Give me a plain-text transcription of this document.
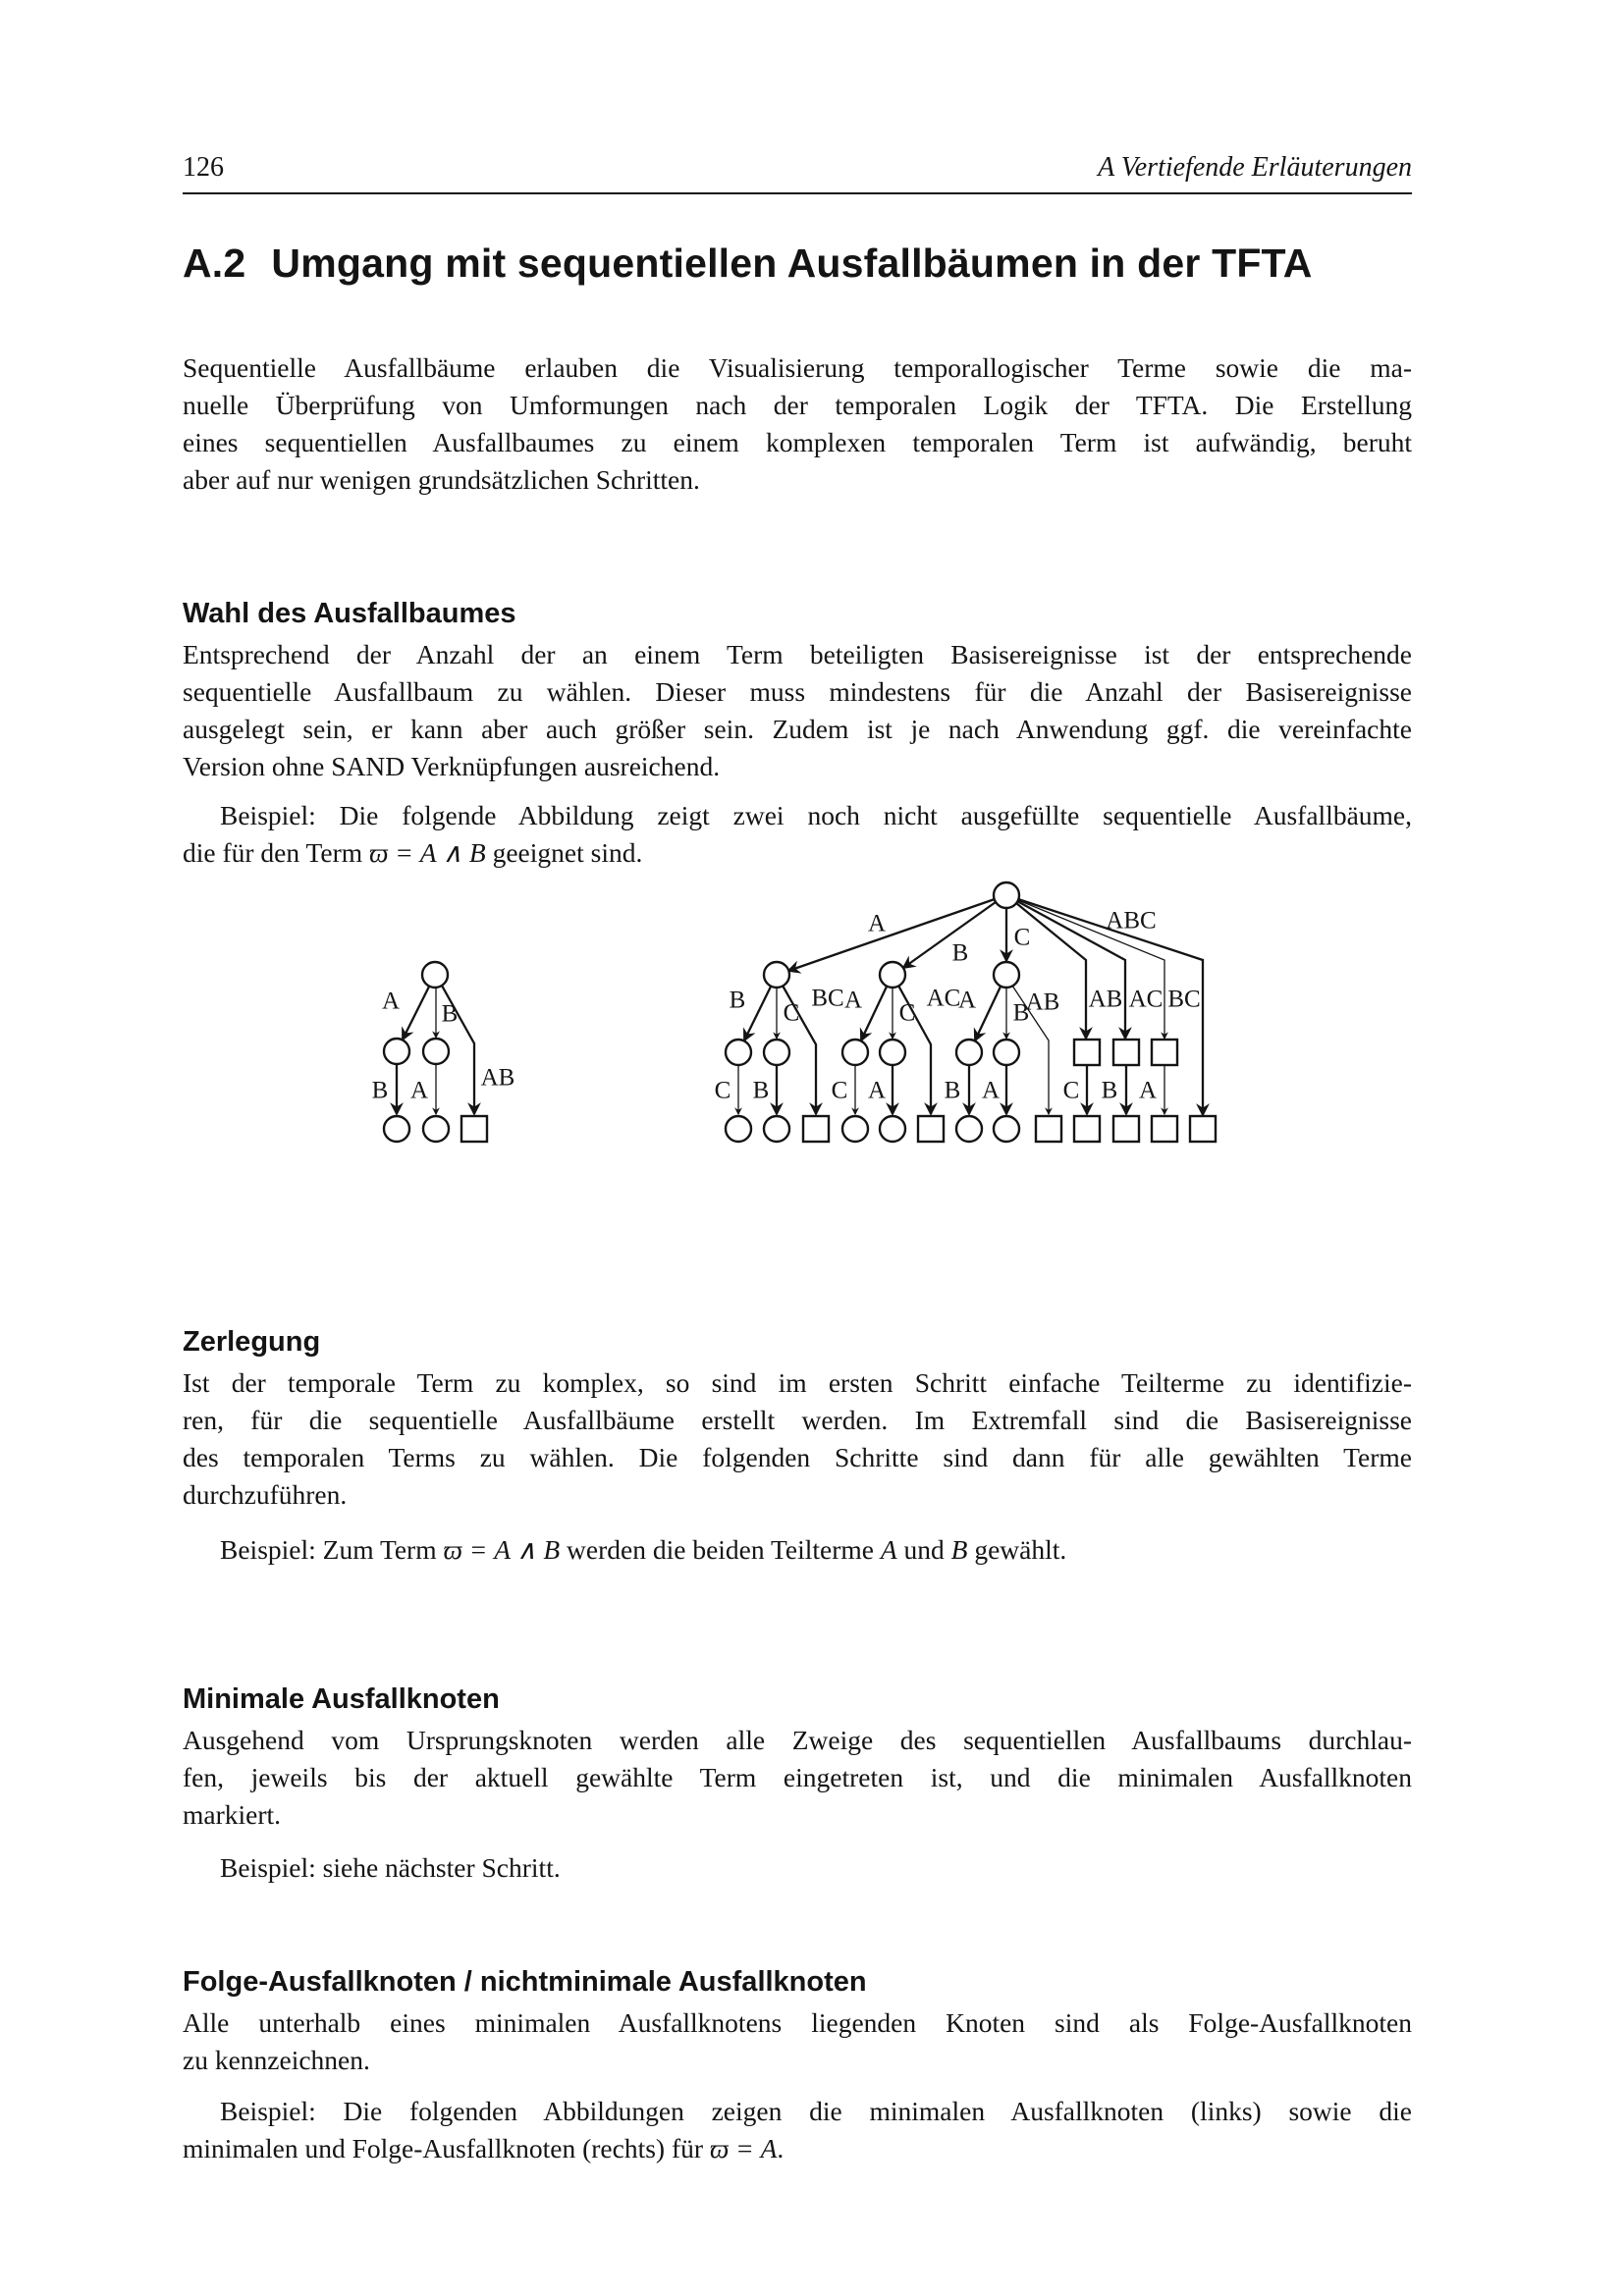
A Vertiefende Erläuterungen
126
A.2 Umgang mit sequentiellen Ausfallbäumen in der TFTA
Sequentielle Ausfallbäume erlauben die Visualisierung temporallogischer Terme sowie die ma-
nuelle Überprüfung von Umformungen nach der temporalen Logik der TFTA. Die Erstellung
eines sequentiellen Ausfallbaumes zu einem komplexen temporalen Term ist aufwändig, beruht
aber auf nur wenigen grundsätzlichen Schritten.
Wahl des Ausfallbaumes
Entsprechend der Anzahl der an einem Term beteiligten Basisereignisse ist der entsprechende
sequentielle Ausfallbaum zu wählen. Dieser muss mindestens für die Anzahl der Basisereignisse
ausgelegt sein, er kann aber auch größer sein. Zudem ist je nach Anwendung ggf. die vereinfachte
Version ohne SAND Verknüpfungen ausreichend.
Beispiel: Die folgende Abbildung zeigt zwei noch nicht ausgefüllte sequentielle Ausfallbäume,
die für den Term ϖ = A ∧ B geeignet sind.
A B
AB
B A
A
B
C
ABC
AB AC BC
B C
BC
C B
A C
AC
C A
A B
AB
B A	C B A
Zerlegung
Ist der temporale Term zu komplex, so sind im ersten Schritt einfache Teilterme zu identifizie-
ren, für die sequentielle Ausfallbäume erstellt werden. Im Extremfall sind die Basisereignisse
des temporalen Terms zu wählen. Die folgenden Schritte sind dann für alle gewählten Terme
durchzuführen.
Beispiel: Zum Term ϖ = A ∧ B werden die beiden Teilterme A und B gewählt.
Minimale Ausfallknoten
Ausgehend vom Ursprungsknoten werden alle Zweige des sequentiellen Ausfallbaums durchlau-
fen, jeweils bis der aktuell gewählte Term eingetreten ist, und die minimalen Ausfallknoten
markiert.
Beispiel: siehe nächster Schritt.
Folge-Ausfallknoten / nichtminimale Ausfallknoten
Alle unterhalb eines minimalen Ausfallknotens liegenden Knoten sind als Folge-Ausfallknoten
zu kennzeichnen.
Beispiel: Die folgenden Abbildungen zeigen die minimalen Ausfallknoten (links) sowie die
minimalen und Folge-Ausfallknoten (rechts) für ϖ = A.
